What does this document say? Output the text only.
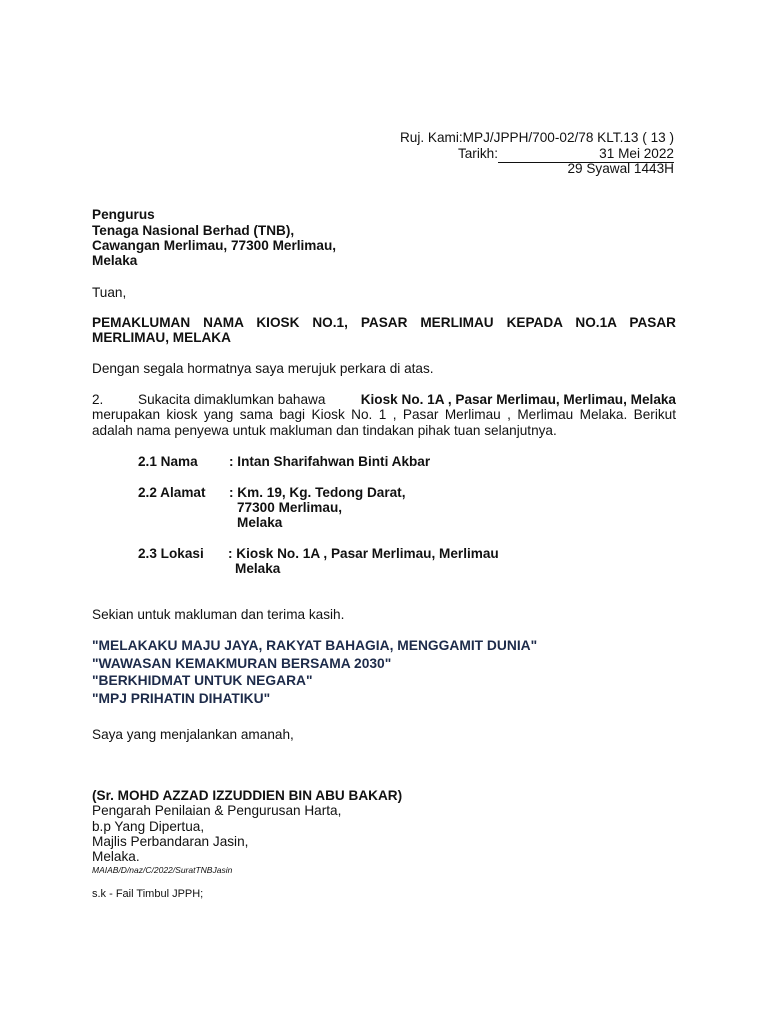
Ruj. Kami:MPJ/JPPH/700-02/78 KLT.13 ( 13 )
Tarikh:	31 Mei 2022
29 Syawal 1443H
Pengurus
Tenaga Nasional Berhad (TNB),
Cawangan Merlimau, 77300 Merlimau,
Melaka
Tuan,
PEMAKLUMAN NAMA KIOSK NO.1, PASAR MERLIMAU KEPADA NO.1A PASAR
MERLIMAU, MELAKA
Dengan segala hormatnya saya merujuk perkara di atas.
2.	Sukacita dimaklumkan bahawa	Kiosk No. 1A , Pasar Merlimau, Merlimau, Melaka
merupakan kiosk yang sama bagi Kiosk No. 1 , Pasar Merlimau , Merlimau Melaka. Berikut
adalah nama penyewa untuk makluman dan tindakan pihak tuan selanjutnya.
2.1 Nama : Intan Sharifahwan Binti Akbar
2.2 Alamat : Km. 19, Kg. Tedong Darat,
77300 Merlimau,
Melaka
2.3 Lokasi : Kiosk No. 1A , Pasar Merlimau, Merlimau
Melaka
Sekian untuk makluman dan terima kasih.
"MELAKAKU MAJU JAYA, RAKYAT BAHAGIA, MENGGAMIT DUNIA"
"WAWASAN KEMAKMURAN BERSAMA 2030"
"BERKHIDMAT UNTUK NEGARA"
"MPJ PRIHATIN DIHATIKU"
Saya yang menjalankan amanah,
(Sr. MOHD AZZAD IZZUDDIEN BIN ABU BAKAR)
Pengarah Penilaian & Pengurusan Harta,
b.p Yang Dipertua,
Majlis Perbandaran Jasin,
Melaka.
MAIAB/D/naz/C/2022/SuratTNBJasin
s.k - Fail Timbul JPPH;
